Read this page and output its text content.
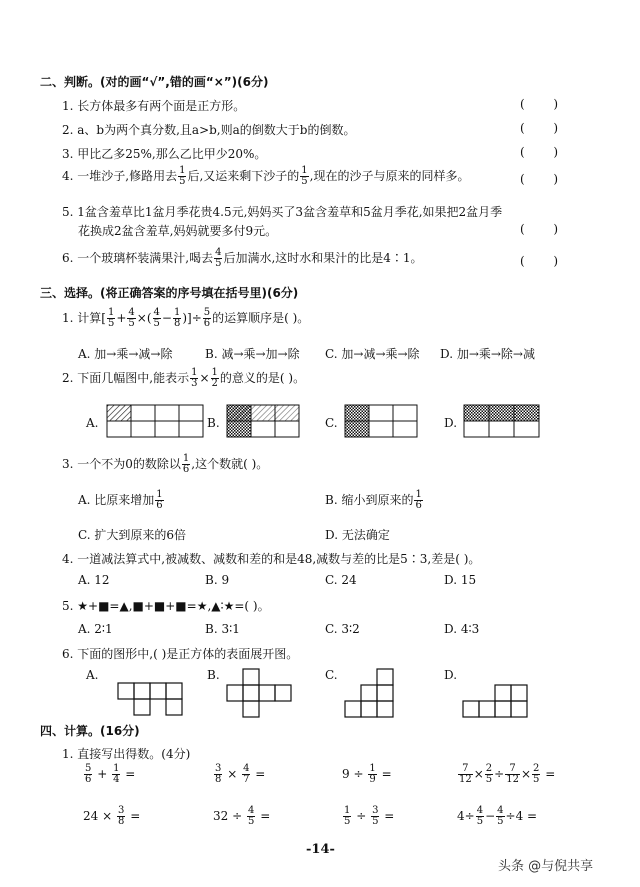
二、判断。(对的画“√”,错的画“×”)(6分)
1. 长方体最多有两个面是正方形。	( )
2. a、b为两个真分数,且a>b,则a的倒数大于b的倒数。	( )
3. 甲比乙多25%,那么乙比甲少20%。	( )
4. 一堆沙子,修路用去 $\frac{1}{5}$ 后,又运来剩下沙子的 $\frac{1}{5}$ ,现在的沙子与原来的同样多。	( )
5. 1盆含羞草比1盆月季花贵4.5元,妈妈买了3盆含羞草和5盆月季花,如果把2盆月季
花换成2盆含羞草,妈妈就要多付9元。	( )
6. 一个玻璃杯装满果汁,喝去 $\frac{4}{5}$ 后加满水,这时水和果汁的比是4∶1。	( )
三、选择。(将正确答案的序号填在括号里)(6分)
1. 计算[ $\frac{1}{5} + \frac{4}{5}$ ×( $\frac{4}{5} - \frac{1}{8}$ )]÷ $\frac{5}{6}$ 的运算顺序是( )。
A. 加→乘→减→除	B. 减→乘→加→除 C. 加→减→乘→除 D. 加→乘→除→减
2. 下面几幅图中,能表示 $\frac{1}{3} \times \frac{1}{2}$ 的意义的是( )。
A.	B.	C.	D.
3. 一个不为0的数除以 $\frac{1}{6}$ ,这个数就( )。
A. 比原来增加 $\frac{1}{6}$	B. 缩小到原来的 $\frac{1}{6}$
C. 扩大到原来的6倍	D. 无法确定
4. 一道减法算式中,被减数、减数和差的和是48,减数与差的比是5∶3,差是( )。
A. 12	B. 9	C. 24	D. 15
5. ★+■=▲,■+■+■=★,▲∶★=( )。
A. 2∶1	B. 3∶1	C. 3∶2	D. 4∶3
6. 下面的图形中,( )是正方体的表面展开图。
A.	B.	C.	D.
四、计算。(16分)
1. 直接写出得数。(4分)
$\frac{5}{6} + \frac{1}{4}$ =	$\frac{3}{8} \times \frac{4}{7}$ =	$9 \div \frac{1}{9}$ =	$\frac{7}{12} \times \frac{2}{5} \div \frac{7}{12} \times \frac{2}{5}$ =
$24 \times \frac{3}{8}$ =	$32 \div \frac{4}{5}$ =	$\frac{1}{5} \div \frac{3}{5}$ =	$4\div \frac{4}{5} - \frac{4}{5} \div 4$ =
-14-
头条 @与倪共享
